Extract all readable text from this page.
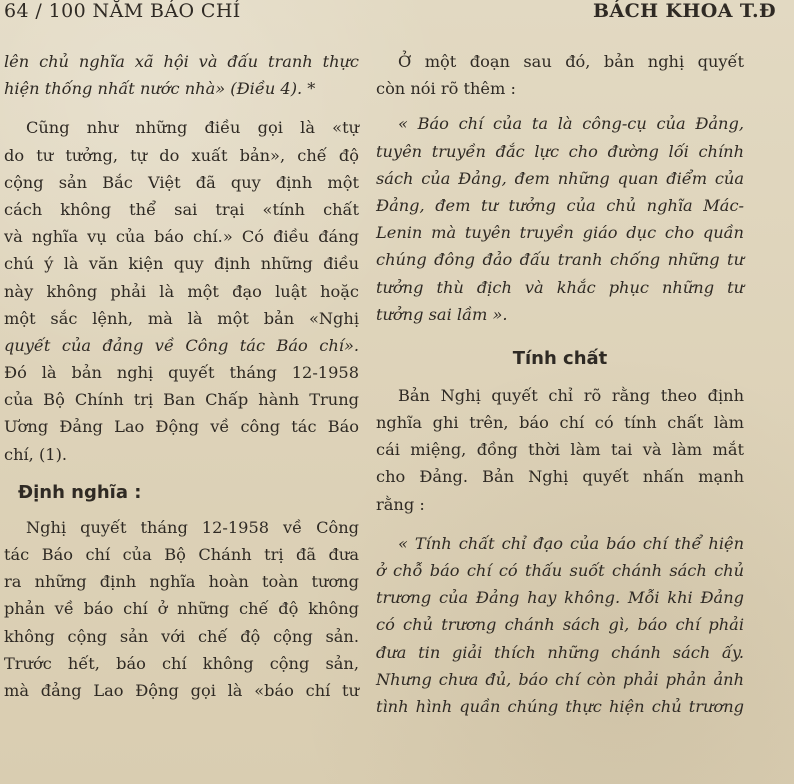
64 / 100 NĂM BÁO CHÍ	BÁCH KHOA T.Đ
lên chủ nghĩa xã hội và đấu tranh thực
hiện thống nhất nước nhà» (Điều 4). *
Cũng như những điều gọi là «tự
do tư tưởng, tự do xuất bản», chế độ
cộng sản Bắc Việt đã quy định một
cách không thể sai trại «tính chất
và nghĩa vụ của báo chí.» Có điều đáng
chú ý là văn kiện quy định những điều
này không phải là một đạo luật hoặc
một sắc lệnh, mà là một bản «Nghị
quyết của đảng về Công tác Báo chí».
Đó là bản nghị quyết tháng 12-1958
của Bộ Chính trị Ban Chấp hành Trung
Ương Đảng Lao Động về công tác Báo
chí, (1).
Định nghĩa :
Nghị quyết tháng 12-1958 về Công
tác Báo chí của Bộ Chánh trị đã đưa
ra những định nghĩa hoàn toàn tương
phản về báo chí ở những chế độ không
không cộng sản với chế độ cộng sản.
Trước hết, báo chí không cộng sản,
mà đảng Lao Động gọi là «báo chí tư
Ở một đoạn sau đó, bản nghị quyết
còn nói rõ thêm :
« Báo chí của ta là công-cụ của Đảng,
tuyên truyền đắc lực cho đường lối chính
sách của Đảng, đem những quan điểm của
Đảng, đem tư tưởng của chủ nghĩa Mác-
Lenin mà tuyên truyền giáo dục cho quần
chúng đông đảo đấu tranh chống những tư
tưởng thù địch và khắc phục những tư
tưởng sai lầm ».
Tính chất
Bản Nghị quyết chỉ rõ rằng theo định
nghĩa ghi trên, báo chí có tính chất làm
cái miệng, đồng thời làm tai và làm mắt
cho Đảng. Bản Nghị quyết nhấn mạnh
rằng :
« Tính chất chỉ đạo của báo chí thể hiện
ở chỗ báo chí có thấu suốt chánh sách chủ
trương của Đảng hay không. Mỗi khi Đảng
có chủ trương chánh sách gì, báo chí phải
đưa tin giải thích những chánh sách ấy.
Nhưng chưa đủ, báo chí còn phải phản ảnh
tình hình quần chúng thực hiện chủ trương
